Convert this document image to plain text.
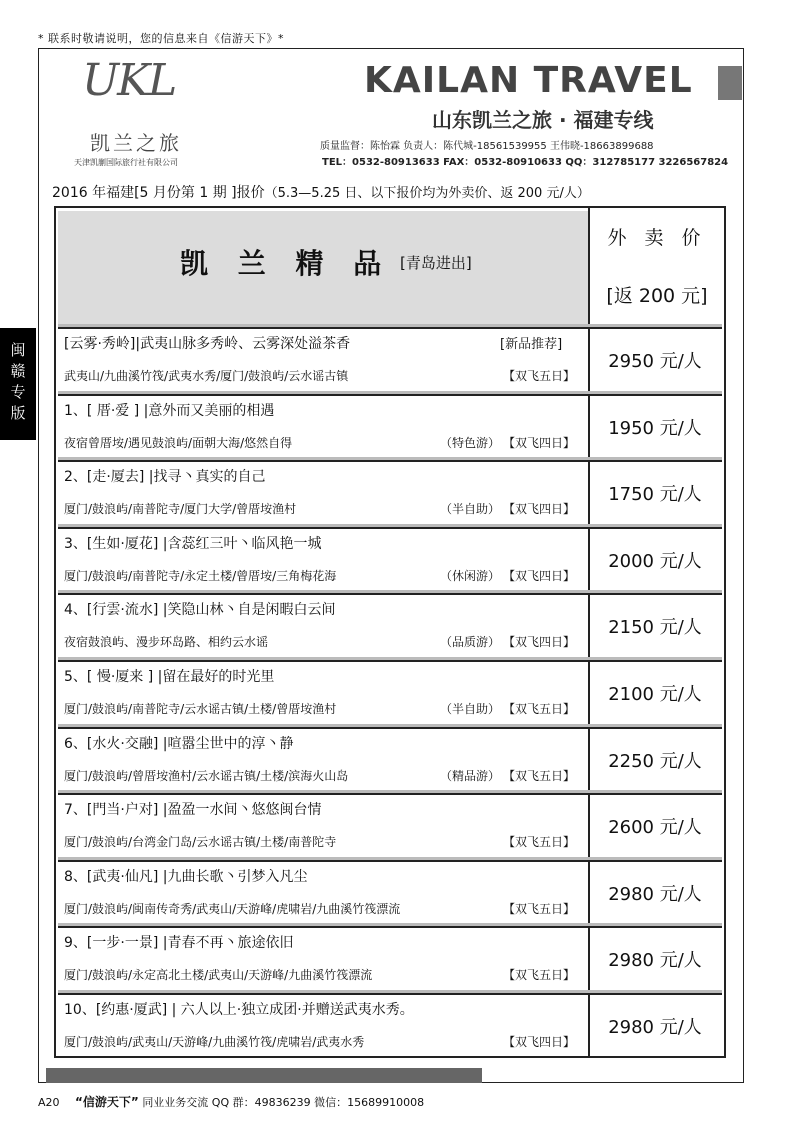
* 联系时敬请说明，您的信息来自《信游天下》*
UKL
凯兰之旅
天津凯蒯国际旅行社有限公司
KAILAN TRAVEL
山东凯兰之旅 · 福建专线
质量监督：陈怡霖 负责人：陈代城-18561539955 王伟晓-18663899688
TEL：0532-80913633 FAX：0532-80910633 QQ：312785177 3226567824
2016 年福建[5 月份第 1 期 ]报价（5.3—5.25 日、以下报价均为外卖价、返 200 元/人）
闽
赣
专
版
凯 兰 精 品 [青岛进出]
外 卖 价
[返 200 元]
[云雾·秀岭]|武夷山脉多秀岭、云雾深处溢茶香	[新品推荐]
武夷山/九曲溪竹筏/武夷水秀/厦门/鼓浪屿/云水谣古镇	【双飞五日】
2950 元/人
1、[ 厝·爱 ] |意外而又美丽的相遇
夜宿曾厝垵/遇见鼓浪屿/面朝大海/悠然自得	（特色游） 【双飞四日】
1950 元/人
2、[走·厦去] |找寻丶真实的自己
厦门/鼓浪屿/南普陀寺/厦门大学/曾厝垵渔村	（半自助） 【双飞四日】
1750 元/人
3、[生如·厦花] |含蕊红三叶丶临风艳一城
厦门/鼓浪屿/南普陀寺/永定土楼/曾厝垵/三角梅花海	（休闲游） 【双飞四日】
2000 元/人
4、[行雲·流水] |笑隐山林丶自是闲暇白云间
夜宿鼓浪屿、漫步环岛路、相约云水谣	（品质游） 【双飞四日】
2150 元/人
5、[ 慢·厦来 ] |留在最好的时光里
厦门/鼓浪屿/南普陀寺/云水谣古镇/土楼/曾厝垵渔村	（半自助） 【双飞五日】
2100 元/人
6、[水火·交融] |喧嚣尘世中的淳丶静
厦门/鼓浪屿/曾厝垵渔村/云水谣古镇/土楼/滨海火山岛	（精品游） 【双飞五日】
2250 元/人
7、[門当·户对] |盈盈一水间丶悠悠闽台情
厦门/鼓浪屿/台湾金门岛/云水谣古镇/土楼/南普陀寺	【双飞五日】
2600 元/人
8、[武夷·仙凡] |九曲长歌丶引梦入凡尘
厦门/鼓浪屿/闽南传奇秀/武夷山/天游峰/虎啸岩/九曲溪竹筏漂流	【双飞五日】
2980 元/人
9、[一步·一景] |青春不再丶旅途依旧
厦门/鼓浪屿/永定高北土楼/武夷山/天游峰/九曲溪竹筏漂流	【双飞五日】
2980 元/人
10、[约惠·厦武] | 六人以上·独立成团·并赠送武夷水秀。
厦门/鼓浪屿/武夷山/天游峰/九曲溪竹筏/虎啸岩/武夷水秀	【双飞四日】
2980 元/人
A20 “信游天下” 同业业务交流 QQ 群：49836239 微信：15689910008
